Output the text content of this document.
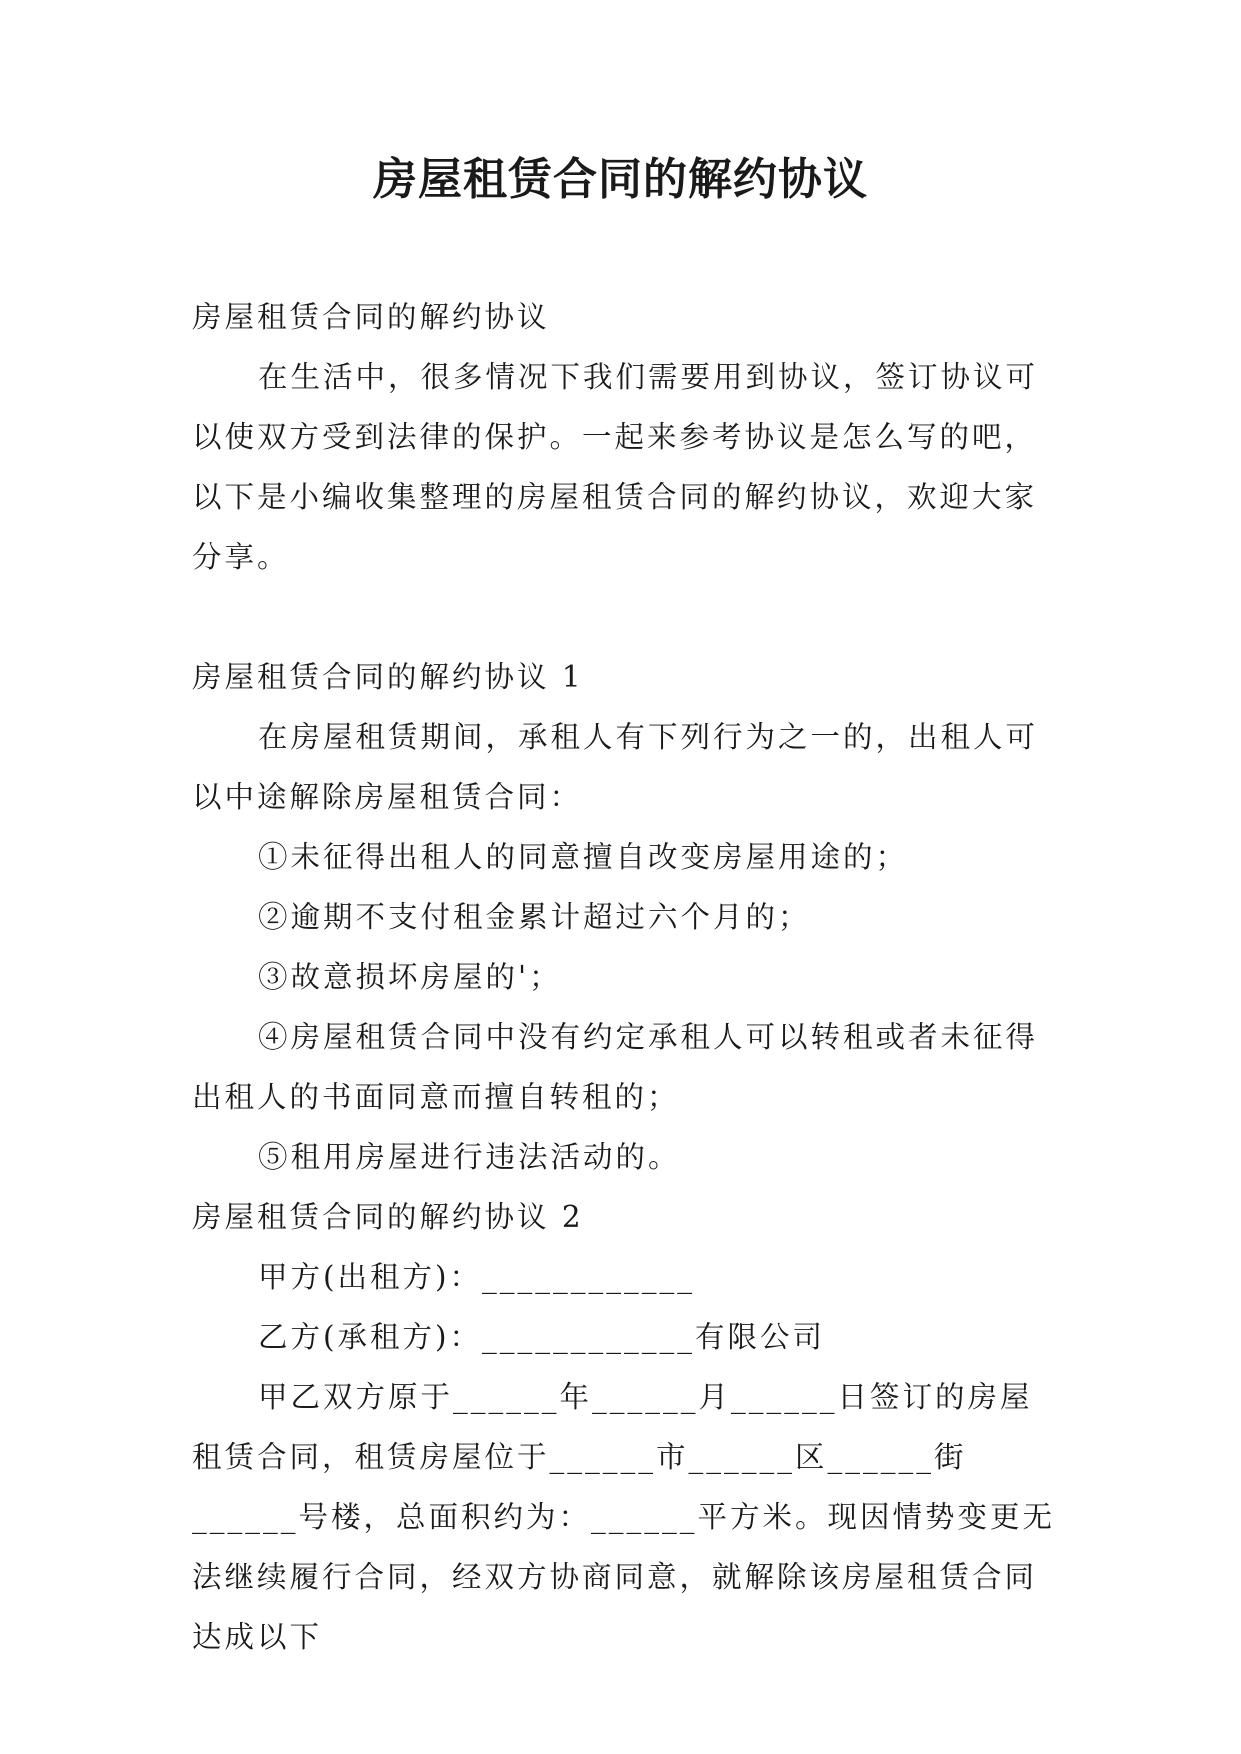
房屋租赁合同的解约协议

房屋租赁合同的解约协议

在生活中，很多情况下我们需要用到协议，签订协议可以使双方受到法律的保护。一起来参考协议是怎么写的吧，以下是小编收集整理的房屋租赁合同的解约协议，欢迎大家分享。

房屋租赁合同的解约协议 1

在房屋租赁期间，承租人有下列行为之一的，出租人可以中途解除房屋租赁合同：

①未征得出租人的同意擅自改变房屋用途的；

②逾期不支付租金累计超过六个月的；

③故意损坏房屋的'；

④房屋租赁合同中没有约定承租人可以转租或者未征得出租人的书面同意而擅自转租的；

⑤租用房屋进行违法活动的。

房屋租赁合同的解约协议 2

甲方(出租方)：____________

乙方(承租方)：____________有限公司

甲乙双方原于______年______月______日签订的房屋租赁合同，租赁房屋位于______市______区______街______号楼，总面积约为：______平方米。现因情势变更无法继续履行合同，经双方协商同意，就解除该房屋租赁合同达成以下
